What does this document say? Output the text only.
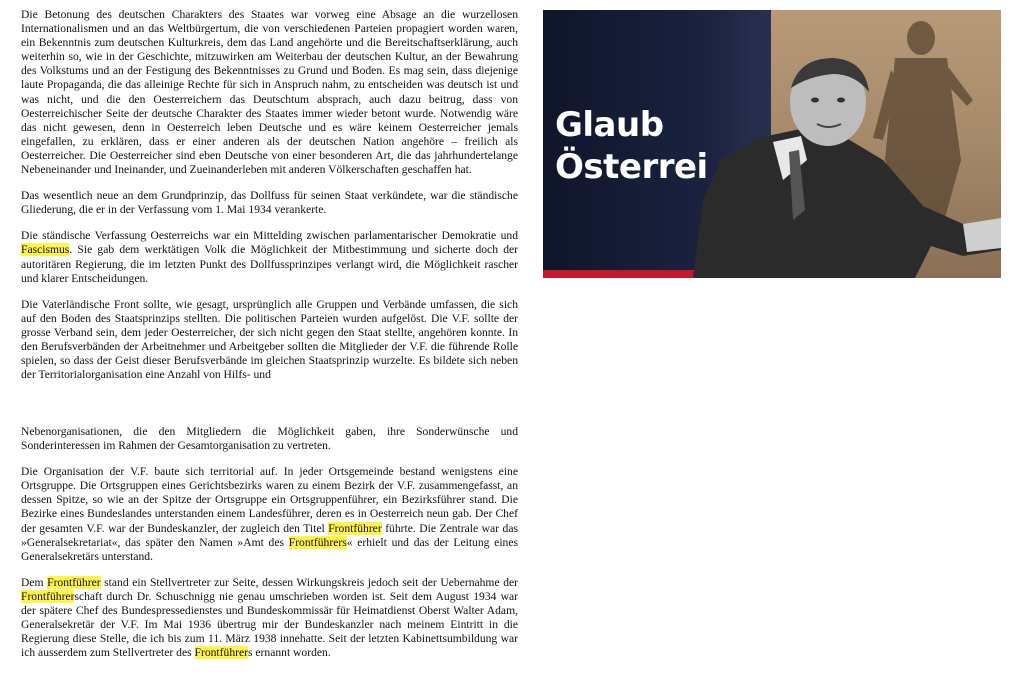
Die Betonung des deutschen Charakters des Staates war vorweg eine Absage an die wurzellosen Internationalismen und an das Weltbürgertum, die von verschiedenen Parteien propagiert worden waren, ein Bekenntnis zum deutschen Kulturkreis, dem das Land angehörte und die Bereitschaftserklärung, auch weiterhin so, wie in der Geschichte, mitzuwirken am Weiterbau der deutschen Kultur, an der Bewahrung des Volkstums und an der Festigung des Bekenntnisses zu Grund und Boden. Es mag sein, dass diejenige laute Propaganda, die das alleinige Rechte für sich in Anspruch nahm, zu entscheiden was deutsch ist und was nicht, und die den Oesterreichern das Deutschtum absprach, auch dazu beitrug, dass von Oesterreichischer Seite der deutsche Charakter des Staates immer wieder betont wurde. Notwendig wäre das nicht gewesen, denn in Oesterreich leben Deutsche und es wäre keinem Oesterreicher jemals eingefallen, zu erklären, dass er einer anderen als der deutschen Nation angehöre – freilich als Oesterreicher. Die Oesterreicher sind eben Deutsche von einer besonderen Art, die das jahrhundertelange Nebeneinander und Ineinander, und Zueinanderleben mit anderen Völkerschaften geschaffen hat.

Das wesentlich neue an dem Grundprinzip, das Dollfuss für seinen Staat verkündete, war die ständische Gliederung, die er in der Verfassung vom 1. Mai 1934 verankerte.

Die ständische Verfassung Oesterreichs war ein Mittelding zwischen parlamentarischer Demokratie und Fascismus. Sie gab dem werktätigen Volk die Möglichkeit der Mitbestimmung und sicherte doch der autoritären Regierung, die im letzten Punkt des Dollfussprinzipes verlangt wird, die Möglichkeit rascher und klarer Entscheidungen.

Die Vaterländische Front sollte, wie gesagt, ursprünglich alle Gruppen und Verbände umfassen, die sich auf den Boden des Staatsprinzips stellten. Die politischen Parteien wurden aufgelöst. Die V.F. sollte der grosse Verband sein, dem jeder Oesterreicher, der sich nicht gegen den Staat stellte, angehören konnte. In den Berufsverbänden der Arbeitnehmer und Arbeitgeber sollten die Mitglieder der V.F. die führende Rolle spielen, so dass der Geist dieser Berufsverbände im gleichen Staatsprinzip wurzelte. Es bildete sich neben der Territorialorganisation eine Anzahl von Hilfs- und

Nebenorganisationen, die den Mitgliedern die Möglichkeit gaben, ihre Sonderwünsche und Sonderinteressen im Rahmen der Gesamtorganisation zu vertreten.

Die Organisation der V.F. baute sich territorial auf. In jeder Ortsgemeinde bestand wenigstens eine Ortsgruppe. Die Ortsgruppen eines Gerichtsbezirks waren zu einem Bezirk der V.F. zusammengefasst, an dessen Spitze, so wie an der Spitze der Ortsgruppe ein Ortsgruppenführer, ein Bezirksführer stand. Die Bezirke eines Bundeslandes unterstanden einem Landesführer, deren es in Oesterreich neun gab. Der Chef der gesamten V.F. war der Bundeskanzler, der zugleich den Titel Frontführer führte. Die Zentrale war das »Generalsekretariat«, das später den Namen »Amt des Frontführers« erhielt und das der Leitung eines Generalsekretärs unterstand.

Dem Frontführer stand ein Stellvertreter zur Seite, dessen Wirkungskreis jedoch seit der Uebernahme der Frontführerschaft durch Dr. Schuschnigg nie genau umschrieben worden ist. Seit dem August 1934 war der spätere Chef des Bundespressedienstes und Bundeskommissär für Heimatdienst Oberst Walter Adam, Generalsekretär der V.F. Im Mai 1936 übertrug mir der Bundeskanzler nach meinem Eintritt in die Regierung diese Stelle, die ich bis zum 11. März 1938 innehatte. Seit der letzten Kabinettsumbildung war ich ausserdem zum Stellvertreter des Frontführers ernannt worden.

Glaub
Österrei
